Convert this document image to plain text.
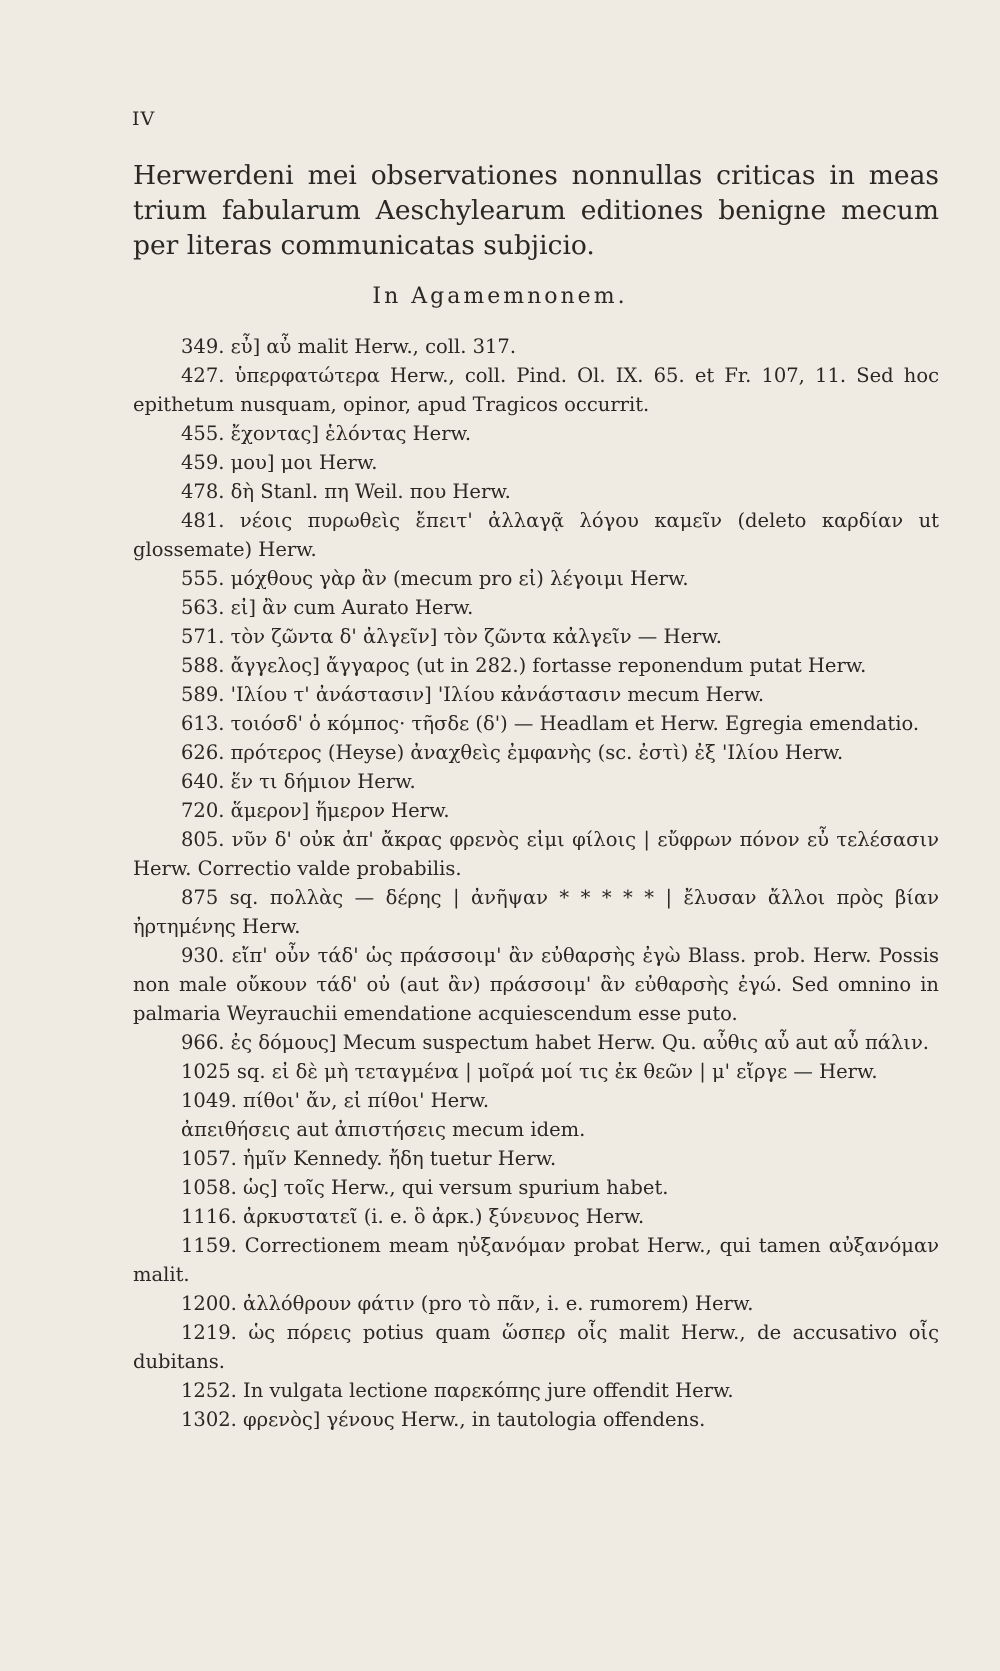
IV

Herwerdeni mei observationes nonnullas criticas in meas trium fabularum Aeschylearum editiones benigne mecum per literas communicatas subjicio.

In Agamemnonem.

349. εὖ] αὖ malit Herw., coll. 317.

427. ὑπερφατώτερα Herw., coll. Pind. Ol. IX. 65. et Fr. 107, 11. Sed hoc epithetum nusquam, opinor, apud Tragicos occurrit.

455. ἔχοντας] ἑλόντας Herw.

459. μου] μοι Herw.

478. δὴ Stanl. πη Weil. που Herw.

481. νέοις πυρωθεὶς ἔπειτ' ἀλλαγᾷ λόγου καμεῖν (deleto καρδίαν ut glossemate) Herw.

555. μόχθους γὰρ ἂν (mecum pro εἰ) λέγοιμι Herw.

563. εἰ] ἂν cum Aurato Herw.

571. τὸν ζῶντα δ' ἀλγεῖν] τὸν ζῶντα κἀλγεῖν — Herw.

588. ἄγγελος] ἄγγαρος (ut in 282.) fortasse reponendum putat Herw.

589. 'Ιλίου τ' ἀνάστασιν] 'Ιλίου κἀνάστασιν mecum Herw.

613. τοιόσδ' ὁ κόμπος· τῆσδε (δ') — Headlam et Herw. Egregia emendatio.

626. πρότερος (Heyse) ἀναχθεὶς ἐμφανὴς (sc. ἐστὶ) ἐξ 'Ιλίου Herw.

640. ἕν τι δήμιον Herw.

720. ἅμερον] ἥμερον Herw.

805. νῦν δ' οὐκ ἀπ' ἄκρας φρενὸς εἰμι φίλοις | εὔφρων πόνον εὖ τελέσασιν Herw. Correctio valde probabilis.

875 sq. πολλὰς — δέρης | ἀνῆψαν * * * * * | ἔλυσαν ἄλλοι πρὸς βίαν ἠρτημένης Herw.

930. εἴπ' οὖν τάδ' ὡς πράσσοιμ' ἂν εὐθαρσὴς ἐγὼ Blass. prob. Herw. Possis non male οὔκουν τάδ' οὐ (aut ἂν) πράσσοιμ' ἂν εὐθαρσὴς ἐγώ. Sed omnino in palmaria Weyrauchii emendatione acquiescendum esse puto.

966. ἐς δόμους] Mecum suspectum habet Herw. Qu. αὖθις αὖ aut αὖ πάλιν.

1025 sq. εἰ δὲ μὴ τεταγμένα | μοῖρά μοί τις ἐκ θεῶν | μ' εἴργε — Herw.

1049. πίθοι' ἄν, εἰ πίθοι' Herw.

ἀπειθήσεις aut ἀπιστήσεις mecum idem.

1057. ἡμῖν Kennedy. ἤδη tuetur Herw.

1058. ὡς] τοῖς Herw., qui versum spurium habet.

1116. ἀρκυστατεῖ (i. e. ὃ ἀρκ.) ξύνευνος Herw.

1159. Correctionem meam ηὐξανόμαν probat Herw., qui tamen αὐξανόμαν malit.

1200. ἀλλόθρουν φάτιν (pro τὸ πᾶν, i. e. rumorem) Herw.

1219. ὡς πόρεις potius quam ὥσπερ οἷς malit Herw., de accusativo οἷς dubitans.

1252. In vulgata lectione παρεκόπης jure offendit Herw.

1302. φρενὸς] γένους Herw., in tautologia offendens.
